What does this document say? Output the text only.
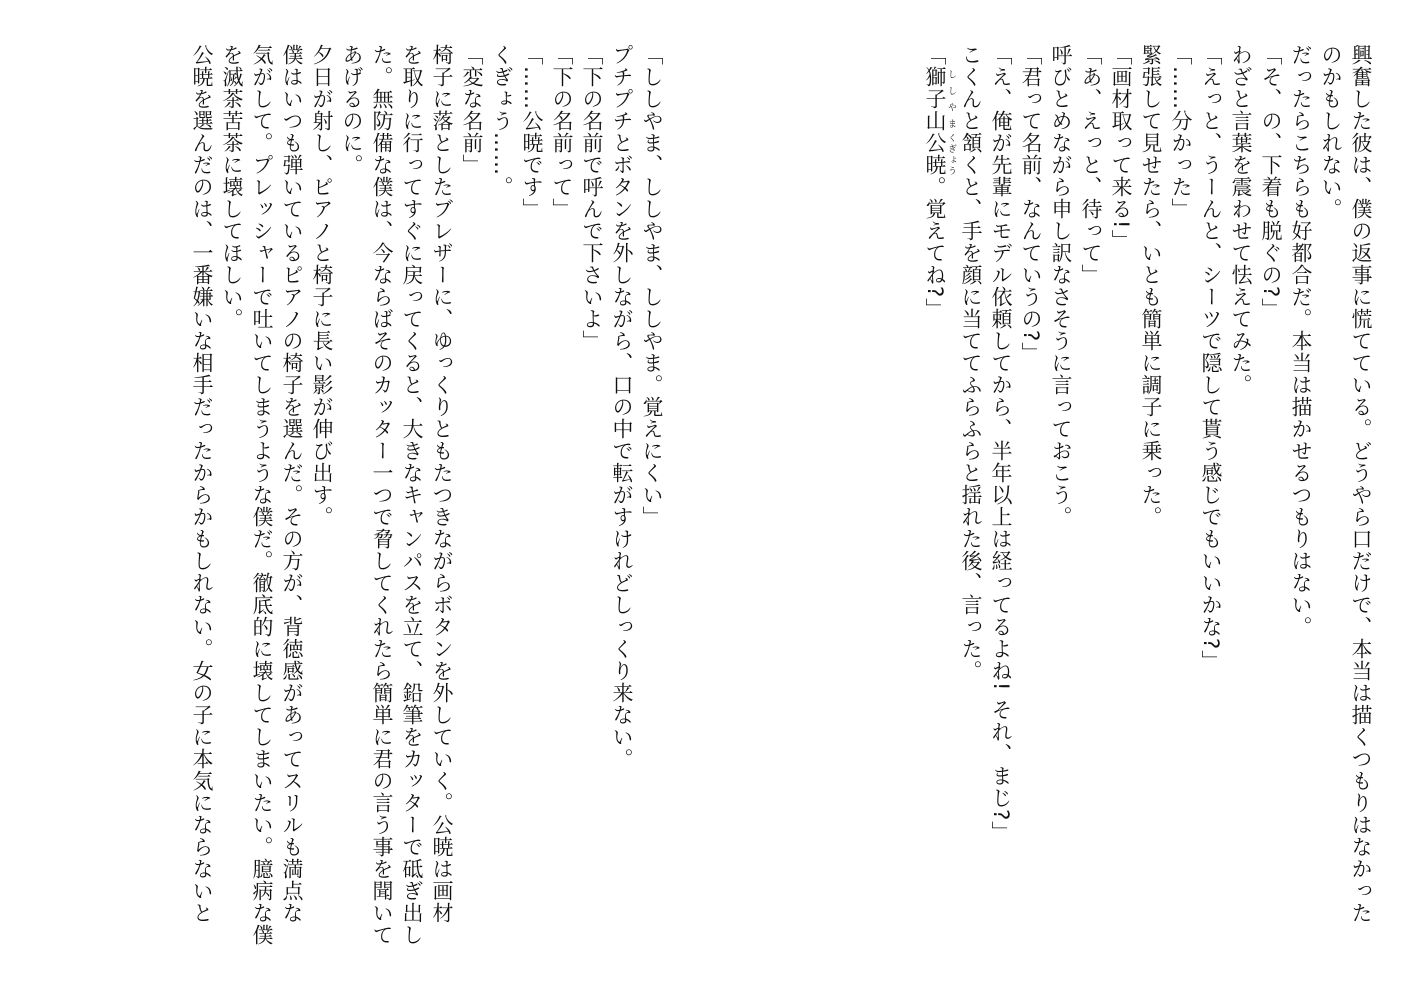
興奮した彼は、僕の返事に慌てている。どうやら口だけで、本当は描くつもりはなかった
のかもしれない。
だったらこちらも好都合だ。本当は描かせるつもりはない。
「そ、の、下着も脱ぐの?」
わざと言葉を震わせて怯えてみた。
「えっと、うーんと、シーツで隠して貰う感じでもいいかな?」
「……分かった」
緊張して見せたら、いとも簡単に調子に乗った。
「画材取って来る!」
「あ、えっと、待って」
呼びとめながら申し訳なさそうに言っておこう。
「君って名前、なんていうの?」
「え、俺が先輩にモデル依頼してから、半年以上は経ってるよね! それ、まじ?」
こくんと頷くと、手を顔に当ててふらふらと揺れた後、言った。
「獅子山 ししやま公暁 くぎょう。覚えてね?」
「ししやま、ししやま、ししやま。覚えにくい」
プチプチとボタンを外しながら、口の中で転がすけれどしっくり来ない。
「下の名前で呼んで下さいよ」
「下の名前って」
「……公暁です」
くぎょう……。
「変な名前」
椅子に落としたブレザーに、ゆっくりともたつきながらボタンを外していく。公暁は画材
を取りに行ってすぐに戻ってくると、大きなキャンパスを立て、鉛筆をカッターで砥ぎ出し
た。無防備な僕は、今ならばそのカッター一つで脅してくれたら簡単に君の言う事を聞いて
あげるのに。
夕日が射し、ピアノと椅子に長い影が伸び出す。
僕はいつも弾いているピアノの椅子を選んだ。その方が、背徳感があってスリルも満点な
気がして。プレッシャーで吐いてしまうような僕だ。徹底的に壊してしまいたい。臆病な僕
を滅茶苦茶に壊してほしい。
公暁を選んだのは、一番嫌いな相手だったからかもしれない。女の子に本気にならないと
